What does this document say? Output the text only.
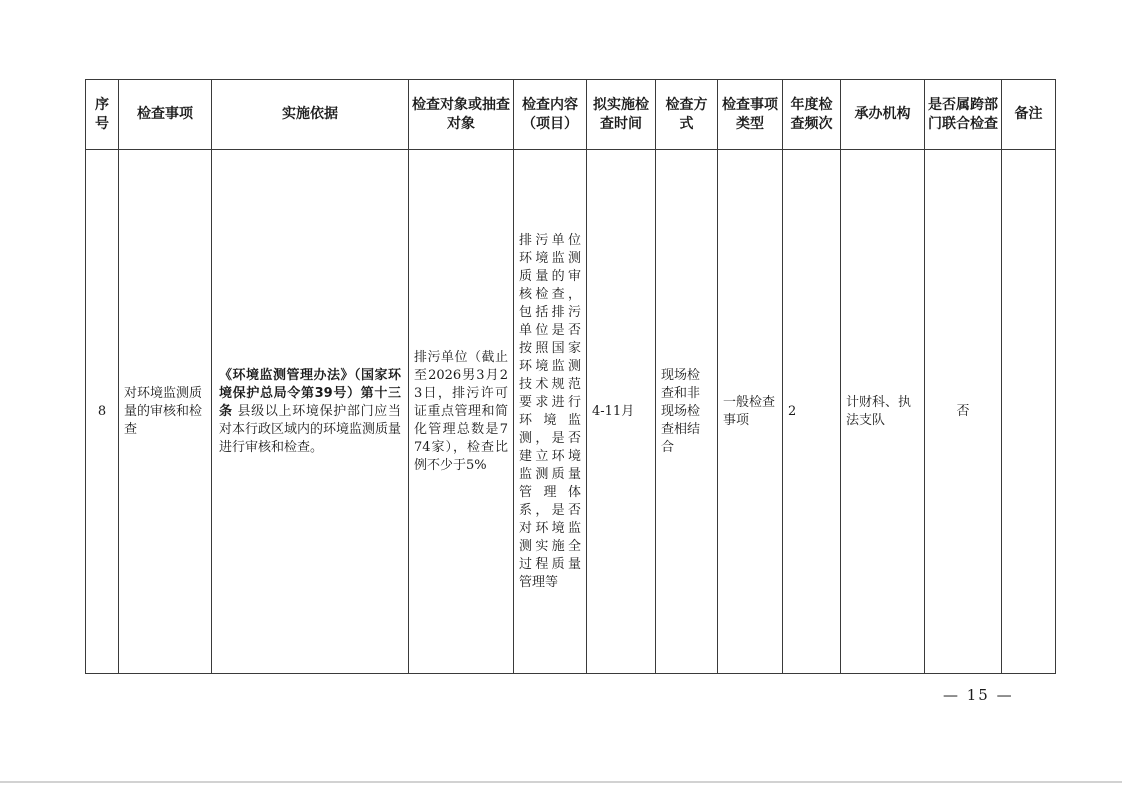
序号	检查事项	实施依据	检查对象或抽查对象	检查内容（项目）	拟实施检查时间	检查方式	检查事项类型	年度检查频次	承办机构	是否属跨部门联合检查	备注
8	对环境监测质量的审核和检查	《环境监测管理办法》（国家环境保护总局令第39号）第十三条 县级以上环境保护部门应当对本行政区域内的环境监测质量进行审核和检查。	排污单位（截止至2026男3月23日，排污许可证重点管理和简化管理总数是774家），检查比例不少于5%	排污单位环境监测质量的审核检查，包括排污单位是否按照国家环境监测技术规范要求进行环境监测，是否建立环境监测质量管理体系，是否对环境监测实施全过程质量管理等	4-11月	现场检查和非现场检查相结合	一般检查事项	2	计财科、执法支队	否	
— 15 —
